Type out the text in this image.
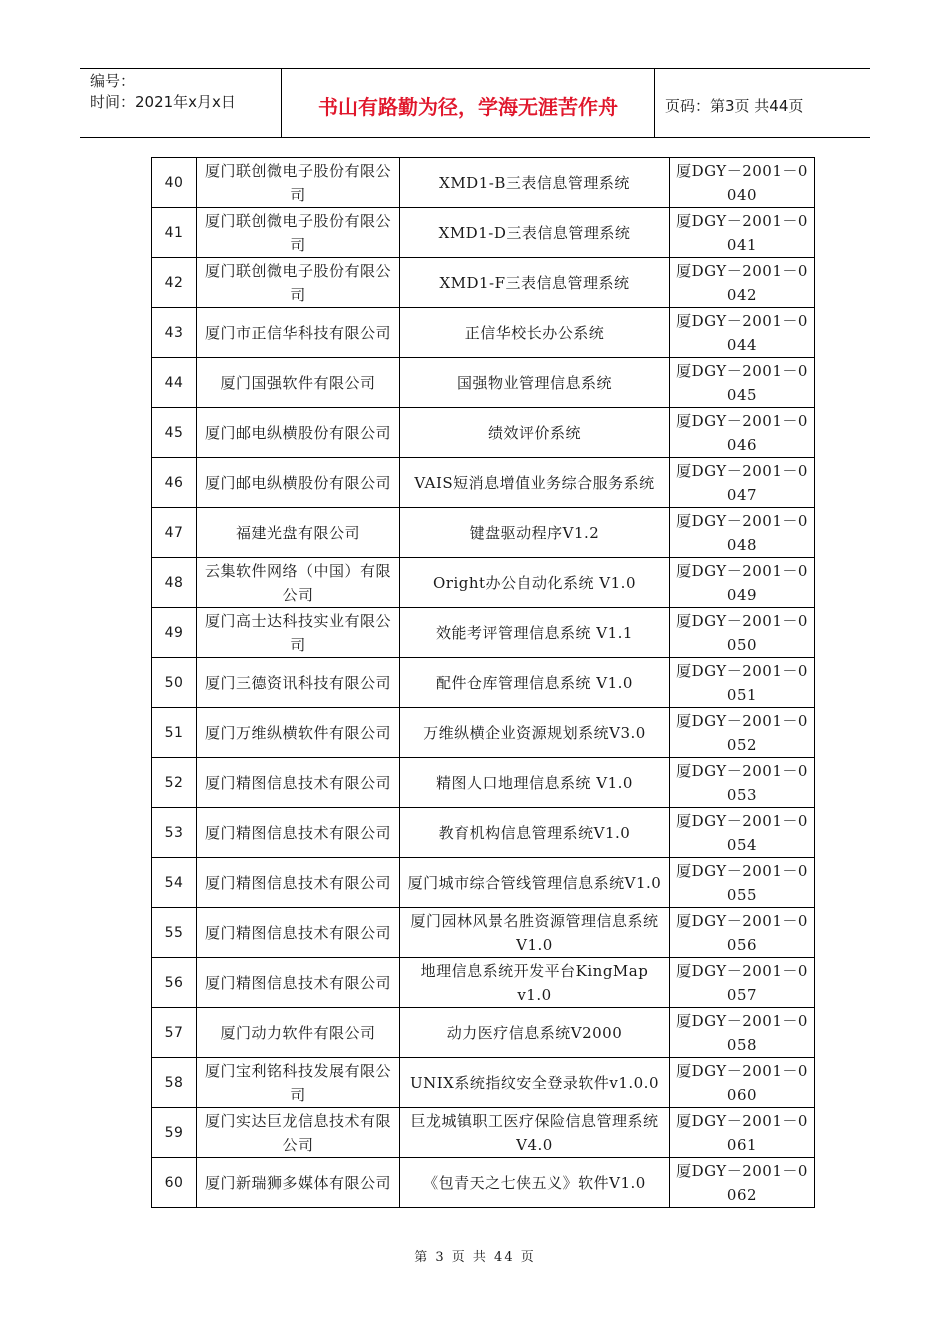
编号：
时间：2021年x月x日	书山有路勤为径，学海无涯苦作舟	页码：第3页 共44页
40	厦门联创微电子股份有限公司	XMD1-B三表信息管理系统	厦DGY－2001－0040
41	厦门联创微电子股份有限公司	XMD1-D三表信息管理系统	厦DGY－2001－0041
42	厦门联创微电子股份有限公司	XMD1-F三表信息管理系统	厦DGY－2001－0042
43	厦门市正信华科技有限公司	正信华校长办公系统	厦DGY－2001－0044
44	厦门国强软件有限公司	国强物业管理信息系统	厦DGY－2001－0045
45	厦门邮电纵横股份有限公司	绩效评价系统	厦DGY－2001－0046
46	厦门邮电纵横股份有限公司	VAIS短消息增值业务综合服务系统	厦DGY－2001－0047
47	福建光盘有限公司	键盘驱动程序V1.2	厦DGY－2001－0048
48	云集软件网络（中国）有限公司	Oright办公自动化系统 V1.0	厦DGY－2001－0049
49	厦门高士达科技实业有限公司	效能考评管理信息系统 V1.1	厦DGY－2001－0050
50	厦门三德资讯科技有限公司	配件仓库管理信息系统 V1.0	厦DGY－2001－0051
51	厦门万维纵横软件有限公司	万维纵横企业资源规划系统V3.0	厦DGY－2001－0052
52	厦门精图信息技术有限公司	精图人口地理信息系统 V1.0	厦DGY－2001－0053
53	厦门精图信息技术有限公司	教育机构信息管理系统V1.0	厦DGY－2001－0054
54	厦门精图信息技术有限公司	厦门城市综合管线管理信息系统V1.0	厦DGY－2001－0055
55	厦门精图信息技术有限公司	厦门园林风景名胜资源管理信息系统V1.0	厦DGY－2001－0056
56	厦门精图信息技术有限公司	地理信息系统开发平台KingMap v1.0	厦DGY－2001－0057
57	厦门动力软件有限公司	动力医疗信息系统V2000	厦DGY－2001－0058
58	厦门宝利铭科技发展有限公司	UNIX系统指纹安全登录软件v1.0.0	厦DGY－2001－0060
59	厦门实达巨龙信息技术有限公司	巨龙城镇职工医疗保险信息管理系统V4.0	厦DGY－2001－0061
60	厦门新瑞狮多媒体有限公司	《包青天之七侠五义》软件V1.0	厦DGY－2001－0062
第 3 页 共 44 页
